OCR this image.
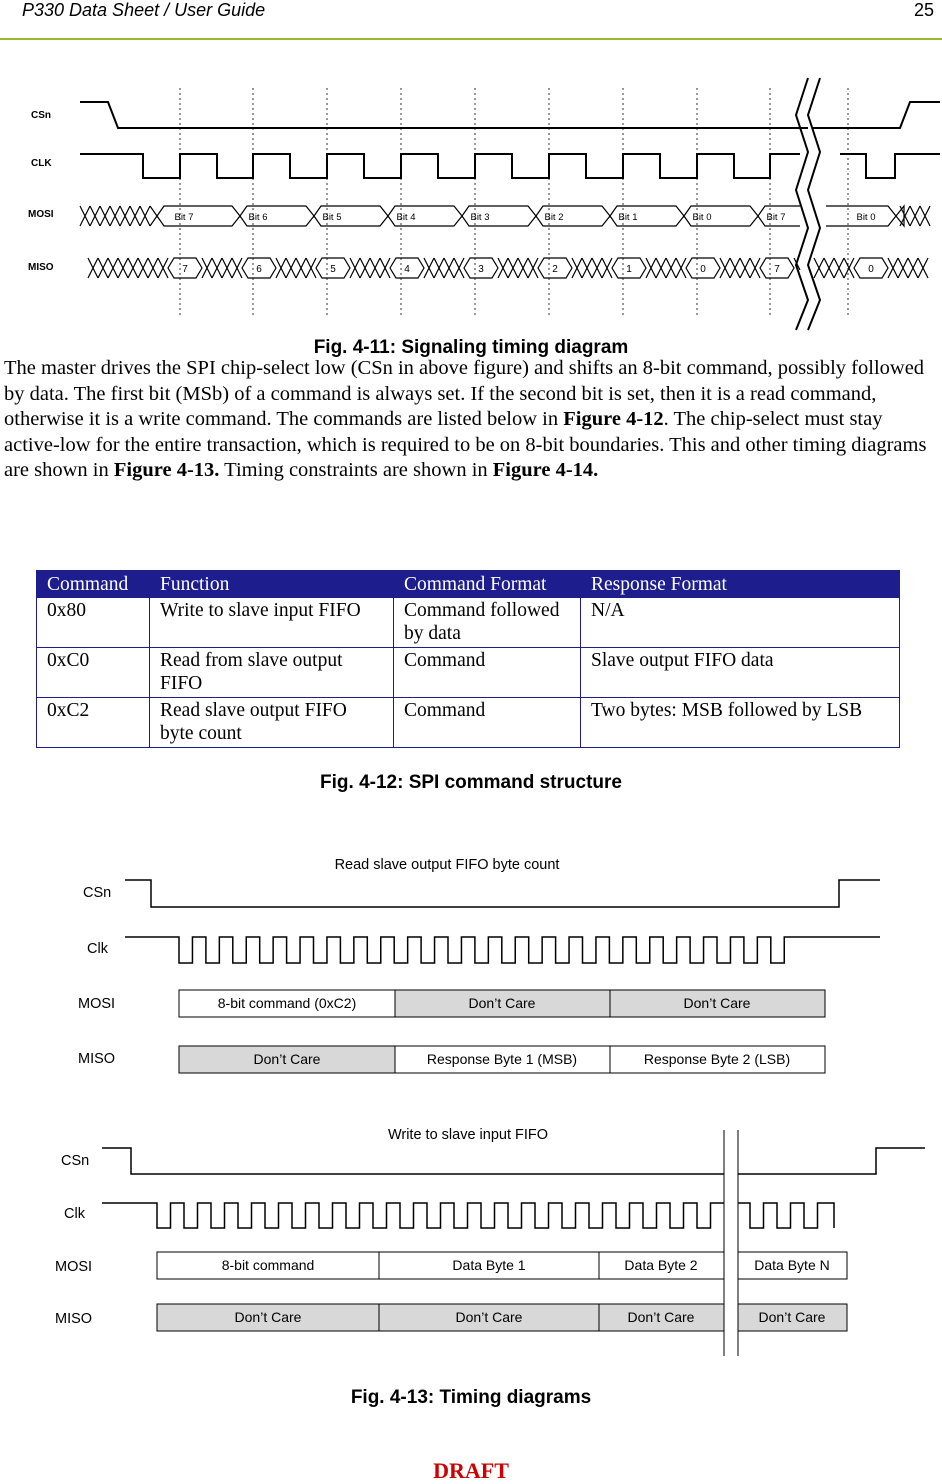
P330 Data Sheet / User Guide	25
CSn
CLK
MOSI
MISO
Bit 7	Bit 6	Bit 5	Bit 4	Bit 3	Bit 2	Bit 1	Bit 0	Bit 7	Bit 0
7	6	5	4	3	2	1	0	7	0
Fig. 4-11: Signaling timing diagram

The master drives the SPI chip-select low (CSn in above figure) and shifts an 8-bit command, possibly followed by data. The first bit (MSb) of a command is always set. If the second bit is set, then it is a read command, otherwise it is a write command. The commands are listed below in Figure 4-12. The chip-select must stay active-low for the entire transaction, which is required to be on 8-bit boundaries. This and other timing diagrams are shown in Figure 4-13. Timing constraints are shown in Figure 4-14.

Command	Function	Command Format	Response Format
0x80	Write to slave input FIFO	Command followed by data	N/A
0xC0	Read from slave output FIFO	Command	Slave output FIFO data
0xC2	Read slave output FIFO byte count	Command	Two bytes: MSB followed by LSB
Fig. 4-12: SPI command structure
Read slave output FIFO byte count
CSn
Clk
MOSI
MISO
8-bit command (0xC2)	Don’t Care	Don’t Care
Don’t Care	Response Byte 1 (MSB)	Response Byte 2 (LSB)
Write to slave input FIFO
CSn
Clk
MOSI
MISO
8-bit command	Data Byte 1	Data Byte 2	Data Byte N
Don’t Care	Don’t Care	Don’t Care	Don’t Care
Fig. 4-13: Timing diagrams
DRAFT
